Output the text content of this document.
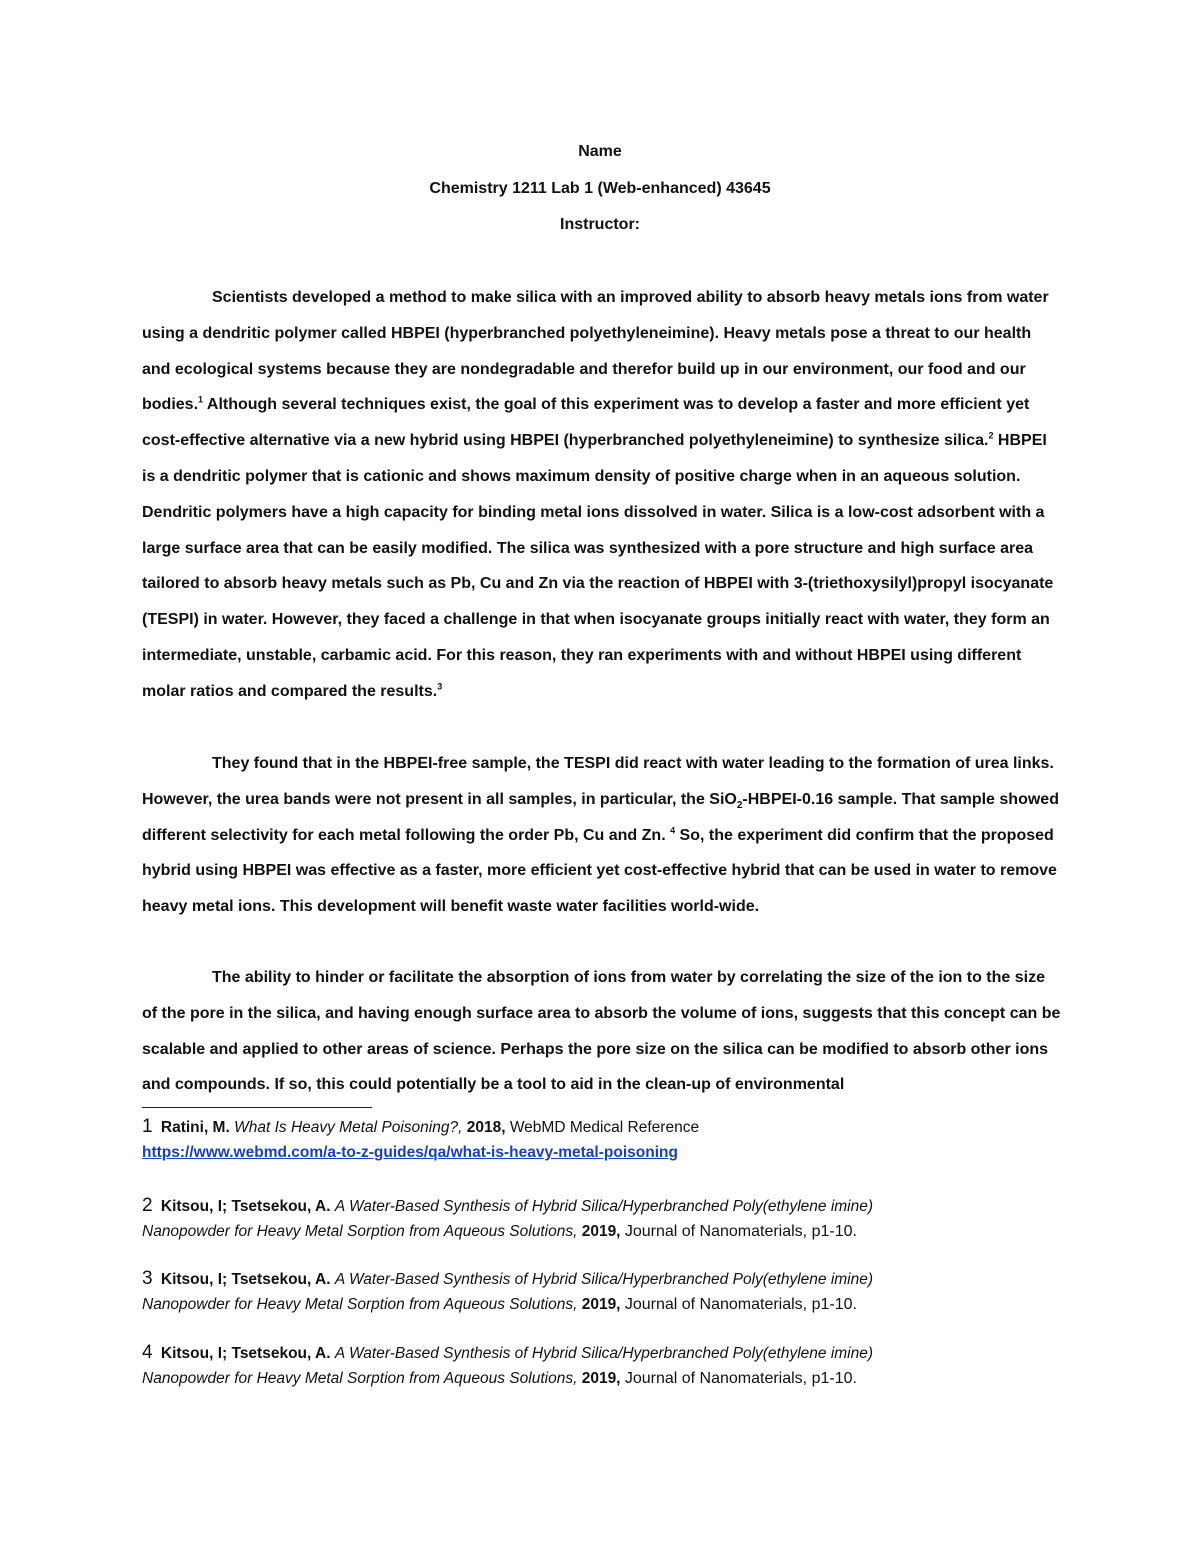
Name
Chemistry 1211 Lab 1 (Web-enhanced) 43645
Instructor:

Scientists developed a method to make silica with an improved ability to absorb heavy metals ions from water using a dendritic polymer called HBPEI (hyperbranched polyethyleneimine). Heavy metals pose a threat to our health and ecological systems because they are nondegradable and therefor build up in our environment, our food and our bodies.$^1$ Although several techniques exist, the goal of this experiment was to develop a faster and more efficient yet cost-effective alternative via a new hybrid using HBPEI (hyperbranched polyethyleneimine) to synthesize silica.$^2$ HBPEI is a dendritic polymer that is cationic and shows maximum density of positive charge when in an aqueous solution. Dendritic polymers have a high capacity for binding metal ions dissolved in water. Silica is a low-cost adsorbent with a large surface area that can be easily modified. The silica was synthesized with a pore structure and high surface area tailored to absorb heavy metals such as Pb, Cu and Zn via the reaction of HBPEI with 3-(triethoxysilyl)propyl isocyanate (TESPI) in water. However, they faced a challenge in that when isocyanate groups initially react with water, they form an intermediate, unstable, carbamic acid. For this reason, they ran experiments with and without HBPEI using different molar ratios and compared the results.$^3$

They found that in the HBPEI-free sample, the TESPI did react with water leading to the formation of urea links. However, the urea bands were not present in all samples, in particular, the SiO$_2$-HBPEI-0.16 sample. That sample showed different selectivity for each metal following the order Pb, Cu and Zn. $^4$ So, the experiment did confirm that the proposed hybrid using HBPEI was effective as a faster, more efficient yet cost-effective hybrid that can be used in water to remove heavy metal ions. This development will benefit waste water facilities world-wide.

The ability to hinder or facilitate the absorption of ions from water by correlating the size of the ion to the size of the pore in the silica, and having enough surface area to absorb the volume of ions, suggests that this concept can be scalable and applied to other areas of science. Perhaps the pore size on the silica can be modified to absorb other ions and compounds. If so, this could potentially be a tool to aid in the clean-up of environmental

1 Ratini, M. What Is Heavy Metal Poisoning?, 2018, WebMD Medical Reference
https://www.webmd.com/a-to-z-guides/qa/what-is-heavy-metal-poisoning

2 Kitsou, I; Tsetsekou, A. A Water-Based Synthesis of Hybrid Silica/Hyperbranched Poly(ethylene imine)
Nanopowder for Heavy Metal Sorption from Aqueous Solutions, 2019, Journal of Nanomaterials, p1-10.

3 Kitsou, I; Tsetsekou, A. A Water-Based Synthesis of Hybrid Silica/Hyperbranched Poly(ethylene imine)
Nanopowder for Heavy Metal Sorption from Aqueous Solutions, 2019, Journal of Nanomaterials, p1-10.

4 Kitsou, I; Tsetsekou, A. A Water-Based Synthesis of Hybrid Silica/Hyperbranched Poly(ethylene imine)
Nanopowder for Heavy Metal Sorption from Aqueous Solutions, 2019, Journal of Nanomaterials, p1-10.
